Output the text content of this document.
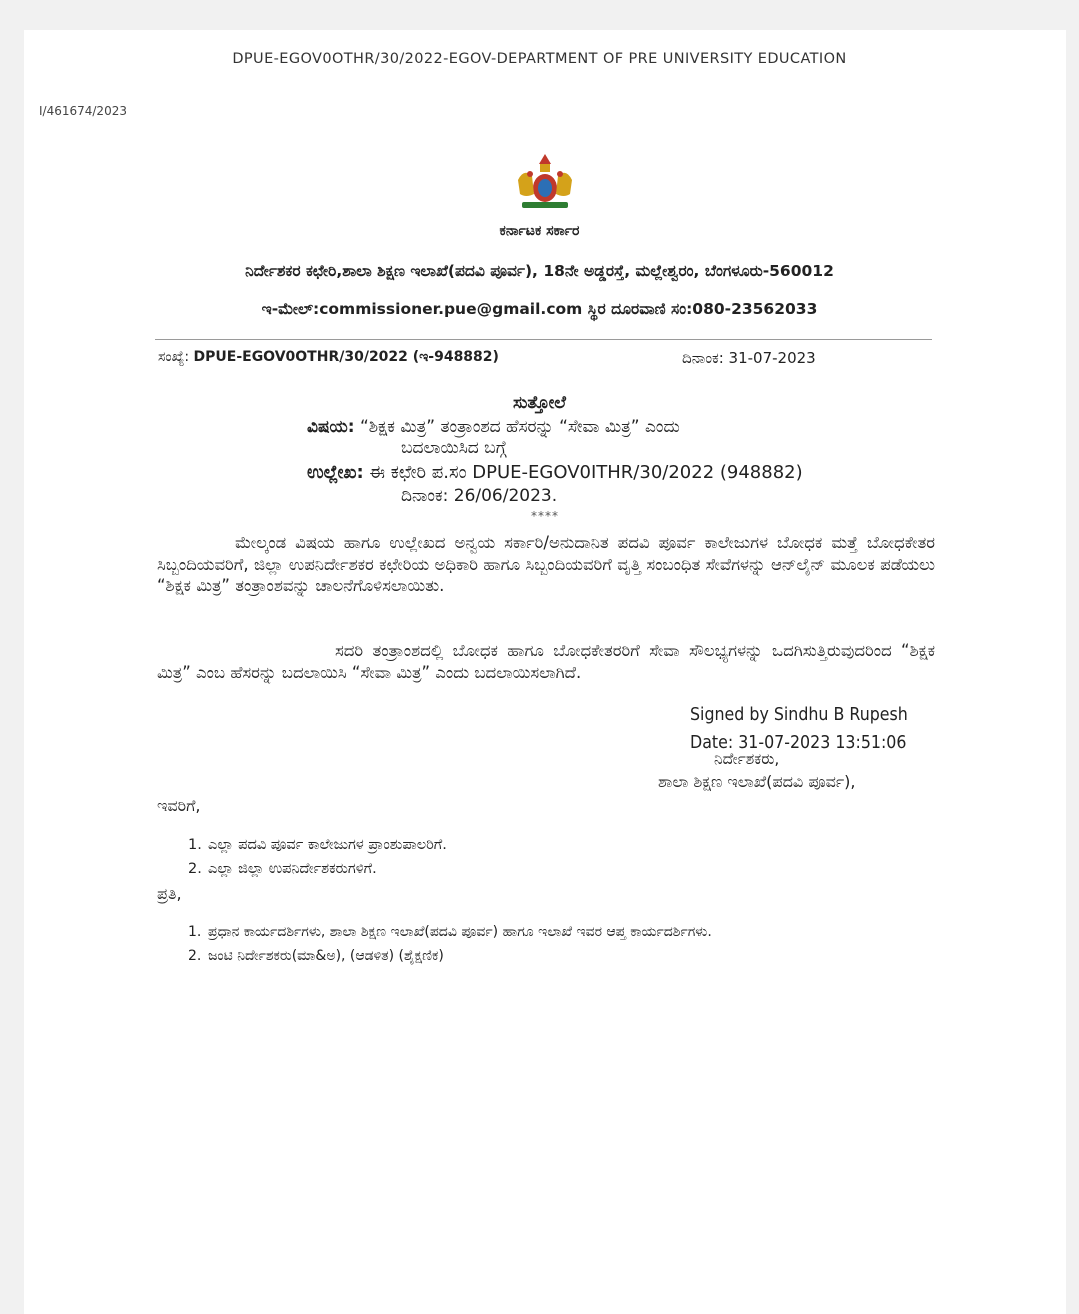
DPUE-EGOV0OTHR/30/2022-EGOV-DEPARTMENT OF PRE UNIVERSITY EDUCATION
I/461674/2023
ಕರ್ನಾಟಕ ಸರ್ಕಾರ
ನಿರ್ದೇಶಕರ ಕಛೇರಿ,ಶಾಲಾ ಶಿಕ್ಷಣ ಇಲಾಖೆ(ಪದವಿ ಪೂರ್ವ), 18ನೇ ಅಡ್ಡರಸ್ತೆ, ಮಲ್ಲೇಶ್ವರಂ, ಬೆಂಗಳೂರು-560012
ಇ-ಮೇಲ್:commissioner.pue@gmail.com ಸ್ಥಿರ ದೂರವಾಣಿ ಸಂ:080-23562033
ಸಂಖ್ಯೆ: DPUE-EGOV0OTHR/30/2022 (ಇ-948882)	ದಿನಾಂಕ: 31-07-2023
ಸುತ್ತೋಲೆ
ವಿಷಯ: “ಶಿಕ್ಷಕ ಮಿತ್ರ” ತಂತ್ರಾಂಶದ ಹೆಸರನ್ನು “ಸೇವಾ ಮಿತ್ರ” ಎಂದು
ಬದಲಾಯಿಸಿದ ಬಗ್ಗೆ
ಉಲ್ಲೇಖ: ಈ ಕಛೇರಿ ಪ.ಸಂ DPUE-EGOV0ITHR/30/2022 (948882)
ದಿನಾಂಕ: 26/06/2023.
****
ಮೇಲ್ಕಂಡ ವಿಷಯ ಹಾಗೂ ಉಲ್ಲೇಖದ ಅನ್ವಯ ಸರ್ಕಾರಿ/ಅನುದಾನಿತ ಪದವಿ ಪೂರ್ವ ಕಾಲೇಜುಗಳ ಬೋಧಕ ಮತ್ತೆ ಬೋಧಕೇತರ ಸಿಬ್ಬಂದಿಯವರಿಗೆ, ಜಿಲ್ಲಾ ಉಪನಿರ್ದೇಶಕರ ಕಛೇರಿಯ ಅಧಿಕಾರಿ ಹಾಗೂ ಸಿಬ್ಬಂದಿಯವರಿಗೆ ವೃತ್ತಿ ಸಂಬಂಧಿತ ಸೇವೆಗಳನ್ನು ಆನ್‌ಲೈನ್ ಮೂಲಕ ಪಡೆಯಲು “ಶಿಕ್ಷಕ ಮಿತ್ರ” ತಂತ್ರಾಂಶವನ್ನು ಚಾಲನೆಗೊಳಿಸಲಾಯಿತು.
ಸದರಿ ತಂತ್ರಾಂಶದಲ್ಲಿ ಬೋಧಕ ಹಾಗೂ ಬೋಧಕೇತರರಿಗೆ ಸೇವಾ ಸೌಲಭ್ಯಗಳನ್ನು ಒದಗಿಸುತ್ತಿರುವುದರಿಂದ “ಶಿಕ್ಷಕ ಮಿತ್ರ” ಎಂಬ ಹೆಸರನ್ನು ಬದಲಾಯಿಸಿ “ಸೇವಾ ಮಿತ್ರ” ಎಂದು ಬದಲಾಯಿಸಲಾಗಿದೆ.
Signed by Sindhu B Rupesh
Date: 31-07-2023 13:51:06
ನಿರ್ದೇಶಕರು,
ಶಾಲಾ ಶಿಕ್ಷಣ ಇಲಾಖೆ(ಪದವಿ ಪೂರ್ವ),
ಇವರಿಗೆ,
1. ಎಲ್ಲಾ ಪದವಿ ಪೂರ್ವ ಕಾಲೇಜುಗಳ ಪ್ರಾಂಶುಪಾಲರಿಗೆ.
2. ಎಲ್ಲಾ ಜಿಲ್ಲಾ ಉಪನಿರ್ದೇಶಕರುಗಳಿಗೆ.
ಪ್ರತಿ,
1. ಪ್ರಧಾನ ಕಾರ್ಯದರ್ಶಿಗಳು, ಶಾಲಾ ಶಿಕ್ಷಣ ಇಲಾಖೆ(ಪದವಿ ಪೂರ್ವ) ಹಾಗೂ ಇಲಾಖೆ ಇವರ ಆಪ್ತ ಕಾರ್ಯದರ್ಶಿಗಳು.
2. ಜಂಟಿ ನಿರ್ದೇಶಕರು(ಮಾ&ಅ), (ಆಡಳಿತ) (ಶೈಕ್ಷಣಿಕ)
